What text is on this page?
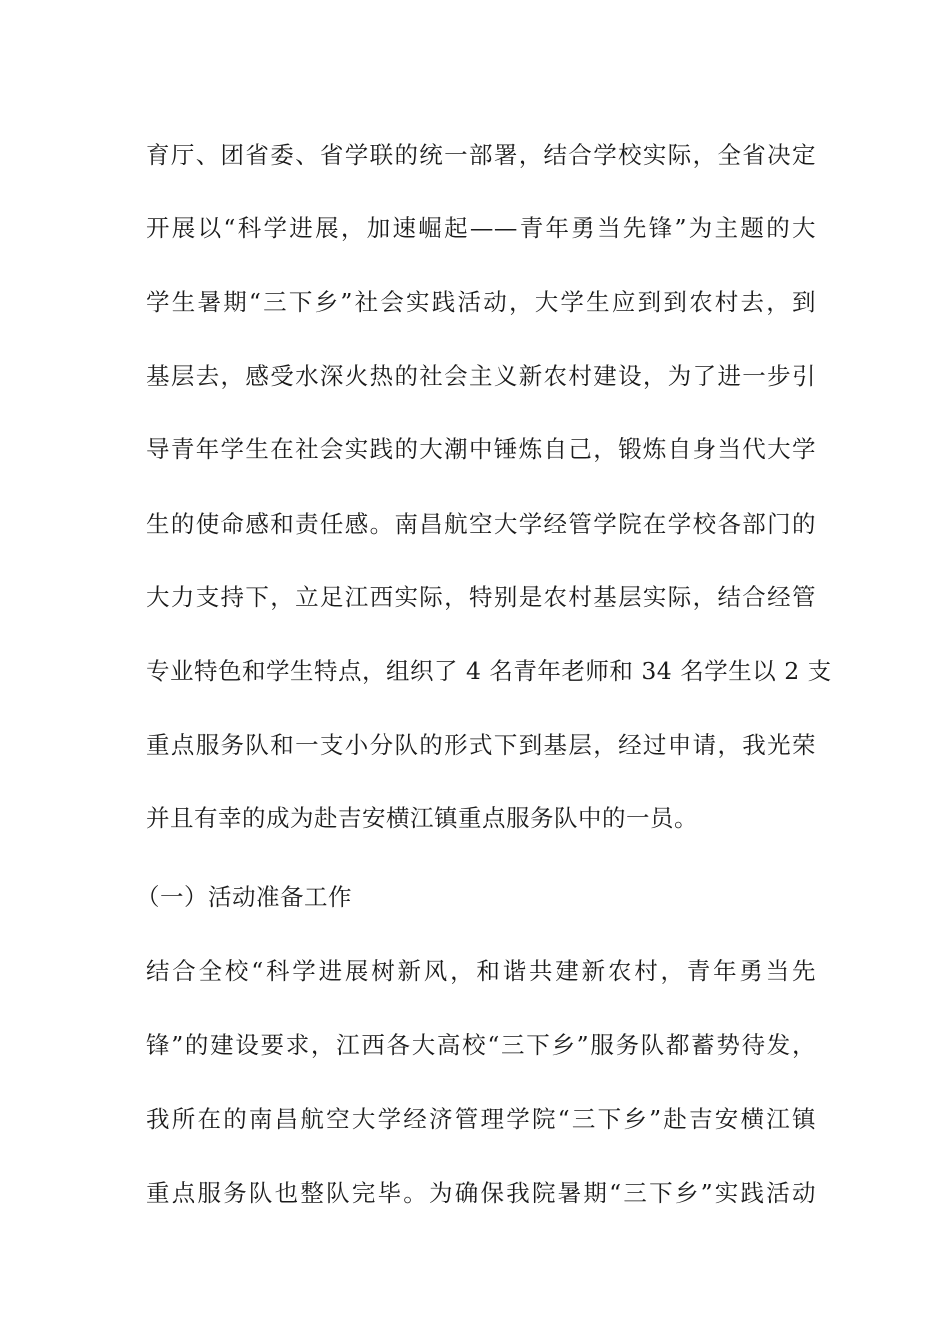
育厅、团省委、省学联的统一部署，结合学校实际，全省决定
开展以“科学进展，加速崛起——青年勇当先锋”为主题的大
学生暑期“三下乡”社会实践活动，大学生应到到农村去，到
基层去，感受水深火热的社会主义新农村建设，为了进一步引
导青年学生在社会实践的大潮中锤炼自己，锻炼自身当代大学
生的使命感和责任感。南昌航空大学经管学院在学校各部门的
大力支持下，立足江西实际，特别是农村基层实际，结合经管
专业特色和学生特点，组织了 4 名青年老师和 34 名学生以 2 支
重点服务队和一支小分队的形式下到基层，经过申请，我光荣
并且有幸的成为赴吉安横江镇重点服务队中的一员。
（一）活动准备工作
结合全校“科学进展树新风，和谐共建新农村，青年勇当先
锋”的建设要求，江西各大高校“三下乡”服务队都蓄势待发，
我所在的南昌航空大学经济管理学院“三下乡”赴吉安横江镇
重点服务队也整队完毕。为确保我院暑期“三下乡”实践活动
